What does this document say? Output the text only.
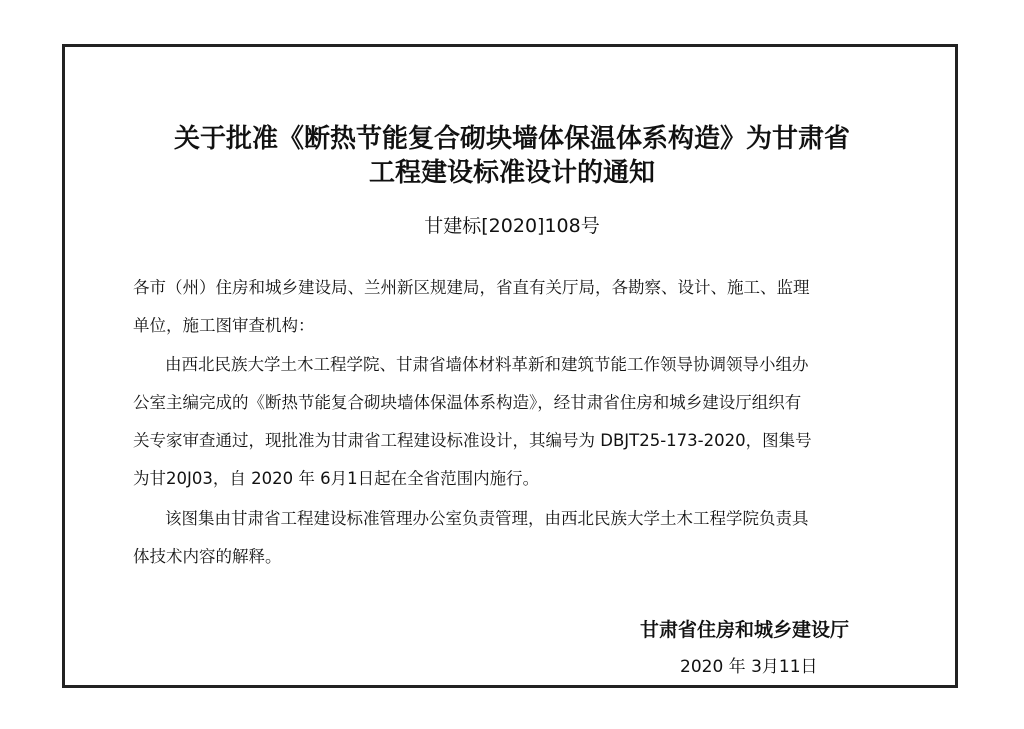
关于批准《断热节能复合砌块墙体保温体系构造》为甘肃省
工程建设标准设计的通知
甘建标[2020]108号
各市（州）住房和城乡建设局、兰州新区规建局，省直有关厅局，各勘察、设计、施工、监理
单位，施工图审查机构：
由西北民族大学土木工程学院、甘肃省墙体材料革新和建筑节能工作领导协调领导小组办
公室主编完成的《断热节能复合砌块墙体保温体系构造》，经甘肃省住房和城乡建设厅组织有
关专家审查通过，现批准为甘肃省工程建设标准设计，其编号为 DBJT25-173-2020，图集号
为甘20J03，自 2020 年 6月1日起在全省范围内施行。
该图集由甘肃省工程建设标准管理办公室负责管理，由西北民族大学土木工程学院负责具
体技术内容的解释。
甘肃省住房和城乡建设厅
2020 年 3月11日
